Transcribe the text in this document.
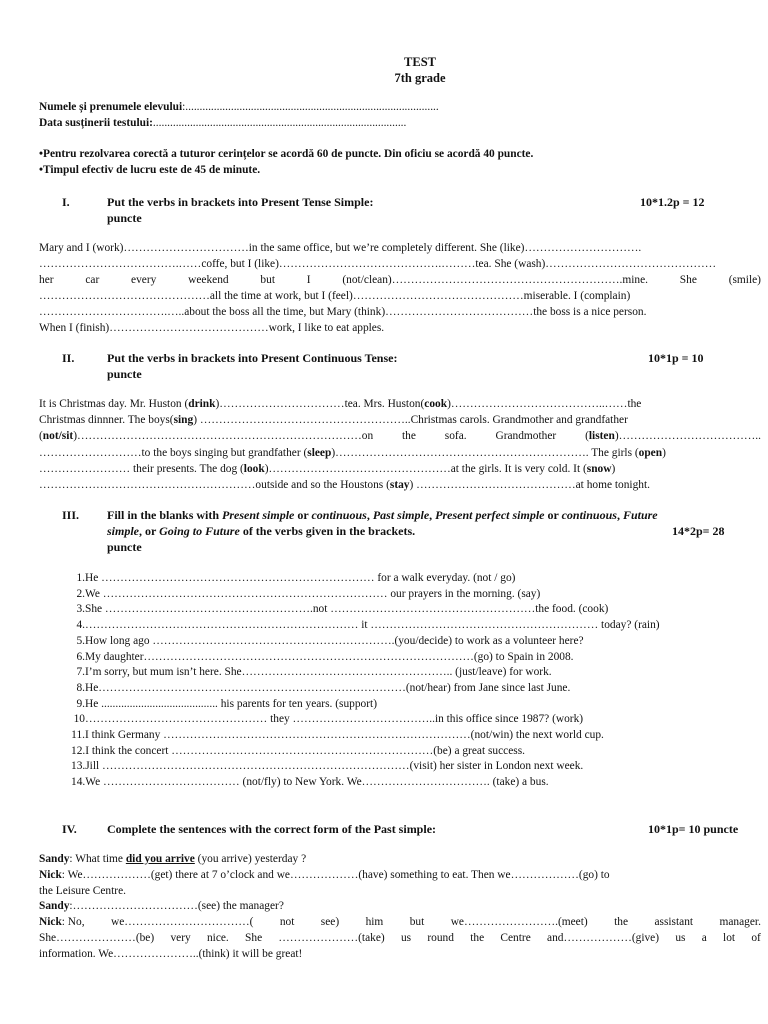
TEST
7th grade
Numele și prenumele elevului:.........................................................................................
Data susținerii testului:.........................................................................................
•Pentru rezolvarea corectă a tuturor cerințelor se acordă 60 de puncte. Din oficiu se acordă 40 puncte.
•Timpul efectiv de lucru este de 45 de minute.
I.	Put the verbs in brackets into Present Tense Simple:	10*1.2p = 12
puncte
Mary and I (work)……………………………in the same office, but we’re completely different. She (like)………………………….
……………………………….……coffe, but I (like)…………………………………….………tea. She (wash)………………………………………
her	car	every	weekend	but	I	(not/clean)…………………………………………………….mine.	She	(smile)
………………………………………all the time at work, but I (feel)………………………………………miserable. I (complain)
…………………………….…..about the boss all the time, but Mary (think)…………………………………the boss is a nice person.
When I (finish)……………………………………work, I like to eat apples.
II.	Put the verbs in brackets into Present Continuous Tense:	10*1p = 10
puncte
It is Christmas day. Mr. Huston (drink)……………………………tea. Mrs. Huston(cook)…………………………………..……the
Christmas dinnner. The boys(sing) ………………………………………………..Christmas carols. Grandmother and grandfather
(not/sit)…………………………………………………………………on	the	sofa.	Grandmother	(listen)………………………………..
………………………to the boys singing but grandfather (sleep)…………………………………………………………. The girls (open)
…………………… their presents. The dog (look)…………………………………………at the girls. It is very cold. It (snow)
…………………………………………………outside and so the Houstons (stay) ……………………………………at home tonight.
III. Fill in the blanks with Present simple or continuous, Past simple, Present perfect simple or continuous, Future
simple, or Going to Future of the verbs given in the brackets.	14*2p= 28
puncte
1.He ……………………………………………………………… for a walk everyday. (not / go)
2.We ………………………………………………………………… our prayers in the morning. (say)
3.She ……………………………………………….not ………………………………………………the food. (cook)
4.……………………………………………………………… it …………………………………………………… today? (rain)
5.How long ago ……………………………………………………….(you/decide) to work as a volunteer here?
6.My daughter……………………………………………………………………………(go) to Spain in 2008.
7.I’m sorry, but mum isn’t here. She……………………………………………….. (just/leave) for work.
8.He………………………………………………………………………(not/hear) from Jane since last June.
9.He ......................................... his parents for ten years. (support)
10………………………………………… they ………………………………..in this office since 1987? (work)
11.I think Germany ………………………………………………………………………(not/win) the next world cup.
12.I think the concert ……………………………………………………………(be) a great success.
13.Jill ………………………………………………………………………(visit) her sister in London next week.
14.We ……………………………… (not/fly) to New York. We……………………………. (take) a bus.
IV.	Complete the sentences with the correct form of the Past simple:	10*1p= 10 puncte
Sandy: What time did you arrive (you arrive) yesterday ?
Nick: We………………(get) there at 7 o’clock and we………………(have) something to eat. Then we………………(go) to
the Leisure Centre.
Sandy:……………………………(see) the manager?
Nick: No, we……………………………( not see) him but we…………………….(meet) the assistant manager.
She…………………(be) very nice. She …………………(take) us round the Centre and………………(give) us a lot of
information. We…………………..(think) it will be great!
